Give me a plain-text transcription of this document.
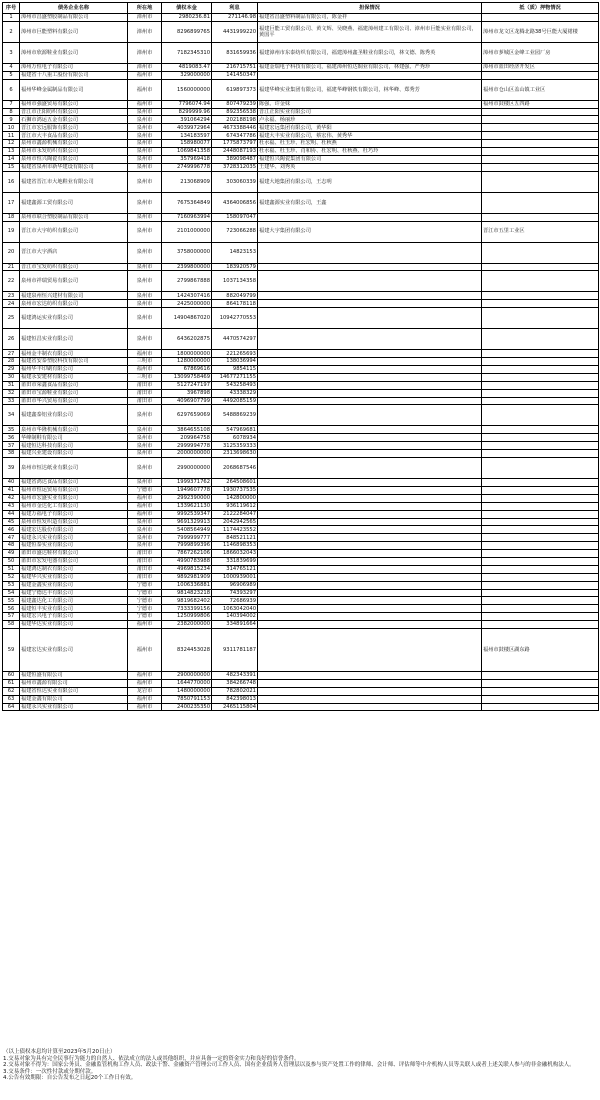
序号	债务企业名称	所在地	债权本金	利息	担保情况	抵（质）押物情况
1	漳州市昌盛塑胶制品有限公司	漳州市	2980236.81	271146.98	福建省昌盛塑料制品有限公司，陈金祥	
2	漳州市巨能塑料有限公司	漳州市	8296899765	4431999220	福建巨能工贸有限公司、黄文辉、吴晓燕、福建漳州建工有限公司、漳州市巨能实业有限公司，黄国平	漳州市龙文区龙腾北路38号巨能大厦裙楼
3	漳州市欣源鞋业有限公司	漳州市	7182345310	831659936	福建漳州市东泰纺织有限公司，福建漳州鑫圣鞋业有限公司，林文德、陈秀英	漳州市芗城区金峰工业园厂房
4	漳州万恒电子有限公司	漳州市	4819083.47	216715751	福建金瑞电子科技有限公司，福建漳州恒达铜业有限公司，林建强、严秀珍	漳州市蓝田经济开发区
5	福建省十八重工股份有限公司	福州市	329000000	141450347		
6	福州华峰金属制品有限公司	福州市	1560000000	619897373	福建华峰实业集团有限公司，福建华峰钢铁有限公司，林华峰、郑秀芳	福州市仓山区盖山镇工业区
7	福州市强盛贸易有限公司	福州市	7796074.94	807479239	陈强、许金妹	福州市鼓楼区五四路
8	晋江市正阳纺织有限公司	泉州市	8299999.96	892356538	晋江正阳实业有限公司	
9	石狮市鸿运五金有限公司	泉州市	391064294	202188198	卢永福、杨丽珍	
10	晋江市宏远服饰有限公司	泉州市	4039972964	4673388446	福建宏远集团有限公司，黄华阳	
11	晋江市大丰食品有限公司	泉州市	134183597	674347786	福建大丰实业有限公司，蔡宏伟、黄秀华	
12	泉州市鑫源机械有限公司	泉州市	158980077	1775873797	杜水福、杜玉珍、杜宏明、杜秋燕	
13	泉州市永发纺织有限公司	泉州市	1069841358	2448087193	杜水福、杜玉珍、肖和协、杜宏明、杜秋燕、杜巧玲	
14	泉州市恒兴陶瓷有限公司	泉州市	357969418	389098487	福建恒兴陶瓷集团有限公司	
15	福建省泉州市新华建设有限公司	泉州市	2749996778	3728312035	王建华、刘秀英	
16	福建省晋江市大地鞋业有限公司	泉州市	213068909	303060339	福建大地集团有限公司，王志明	
17	福建鑫源工贸有限公司	泉州市	7675364849	4364006856	福建鑫源实业有限公司，王鑫	
18	泉州市联合塑胶制品有限公司	泉州市	7160963994	158097047		
19	晋江市大宇纺织有限公司	泉州市	2101000000	723066288	福建大宇集团有限公司	晋江市五里工业区
20	晋江市大宇酒店	泉州市	3758000000	14823153		
21	晋江市宝发纺织有限公司	泉州市	2399800000	183920579		
22	泉州市祥瑞贸易有限公司	泉州市	2799867888	1037134358		
23	福建泉州恒兴建材有限公司	泉州市	1424307416	882049799		
24	泉州市宏达纺织有限公司	泉州市	2425000000	864178118		
25	福建鸿运实业有限公司	泉州市	14904867020	10942770553		
26	福建恒昌实业有限公司	泉州市	6436202875	4470574297		
27	福州金丰制衣有限公司	福州市	1800000000	221265693		
28	福建省安泰塑胶科技有限公司	三明市	1280000000	138036994		
29	福州华丰印刷有限公司	福州市	67869616	9854115		
30	福建永安建材有限公司	三明市	13099758469	14677271155		
31	莆田市荣鑫食品有限公司	莆田市	5127247197	543258493		
32	莆田市宝源鞋业有限公司	莆田市	3967898	43338329		
33	莆田市华兴贸易有限公司	莆田市	4096907799	4492085159		
34	福建鑫泰铝业有限公司	泉州市	6297659069	5488869239		
35	泉州市华隆机械有限公司	泉州市	3864655108	547969681		
36	华峰制鞋有限公司	泉州市	209964758	6078934		
37	福建恒达科技有限公司	泉州市	2999994778	3125359333		
38	福建兴业建设有限公司	泉州市	2000000000	2313698630		
39	泉州市恒达纸业有限公司	泉州市	2990000000	2068687546		
40	福建省鸿达食品有限公司	泉州市	1999371762	264508601		
41	福州市恒运贸易有限公司	宁德市	1949607778	1930737535		
42	福州市宏盛实业有限公司	福州市	2992390000	142800000		
43	福州市金达化工有限公司	福州市	1339621130	936119612		
44	福建万福电子有限公司	福州市	9992539347	2122284047		
45	泉州市恒发织造有限公司	泉州市	9691329913	2042942565		
46	福建宏达股份有限公司	泉州市	5408564949	1174423552		
47	福建永兴实业有限公司	泉州市	7999999777	848521121		
48	福建恒泰实业有限公司	泉州市	7999899396	1146898353		
49	莆田市盛达鞋材有限公司	莆田市	7867262106	1866032043		
50	莆田市宏发电器有限公司	莆田市	4990783988	331839699		
51	福建鸿达制衣有限公司	莆田市	4969815234	314765121		
52	福建华兴实业有限公司	莆田市	9892981909	1000939001		
53	福建金鑫实业有限公司	宁德市	1006336881	96906989		
54	福建宁德达丰有限公司	宁德市	9814823218	74393297		
55	福建鑫达化工有限公司	宁德市	9819682402	72686939		
56	福建恒丰实业有限公司	宁德市	7333399156	1063042040		
57	福建宏兴电子有限公司	宁德市	1250999806	140394002		
58	福建华达实业有限公司	福州市	2382000000	334891664		
59	福建宏达实业有限公司	福州市	8324453028	9311781187		福州市鼓楼区湖东路
60	福建恒盛有限公司	福州市	2900000000	482343391		
61	福州市鑫源有限公司	福州市	1644770000	384266748		
62	福建省恒达实业有限公司	龙岩市	1480000000	782802021		
63	福建金鑫有限公司	福州市	7850791153	842398013		
64	福建永兴实业有限公司	福州市	2400235350	2465115804		
（以上债权本息均计算至2023年5月20日止）
1.交易对象为具有完全民事行为能力的自然人、依法成立的法人或其他组织，并应具备一定的资金实力和良好的信誉条件。
2.交易对象不得为：国家公务员、金融监管机构工作人员、政法干警、金融资产管理公司工作人员、国有企业债务人管理层以及参与资产处置工作的律师、会计师、评估师等中介机构人员等关联人或者上述关联人参与的非金融机构法人。
3.交易条件：一次性付款或分期付款。
4.公告有效期限：自公告发布之日起20个工作日有效。
